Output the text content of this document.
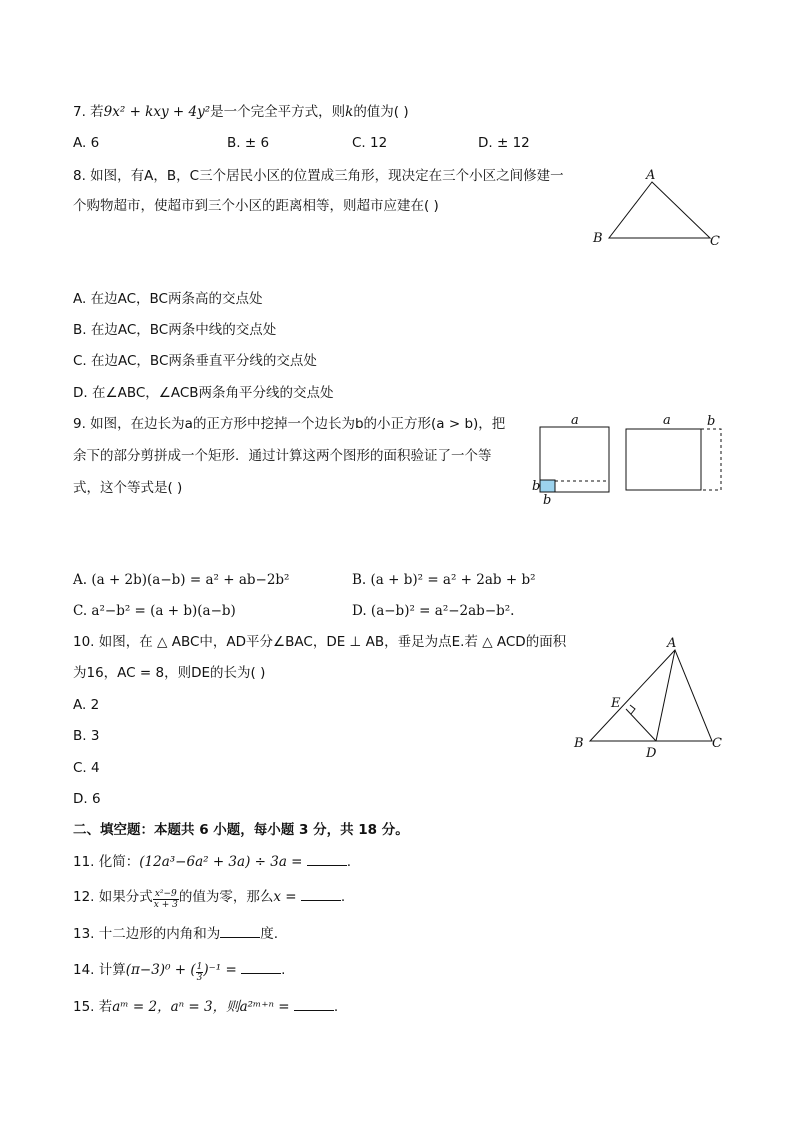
7. 若9x² + kxy + 4y²是一个完全平方式，则k的值为( )
A. 6	B. ± 6	C. 12	D. ± 12
8. 如图，有A，B，C三个居民小区的位置成三角形，现决定在三个小区之间修建一
个购物超市，使超市到三个小区的距离相等，则超市应建在( )
A
B	C
A. 在边AC，BC两条高的交点处
B. 在边AC，BC两条中线的交点处
C. 在边AC，BC两条垂直平分线的交点处
D. 在∠ABC，∠ACB两条角平分线的交点处
9. 如图，在边长为a的正方形中挖掉一个边长为b的小正方形(a > b)，把
余下的部分剪拼成一个矩形．通过计算这两个图形的面积验证了一个等
式，这个等式是( )
a
b
b
a	b
A. (a + 2b)(a−b) = a² + ab−2b²	B. (a + b)² = a² + 2ab + b²
C. a²−b² = (a + b)(a−b)	D. (a−b)² = a²−2ab−b².
10. 如图，在 △ ABC中，AD平分∠BAC，DE ⊥ AB，垂足为点E.若 △ ACD的面积
为16，AC = 8，则DE的长为( )
A. 2
B. 3
C. 4
D. 6
A
B	C
D
E
二、填空题：本题共 6 小题，每小题 3 分，共 18 分。
11. 化简：(12a³−6a² + 3a) ÷ 3a =	.
12. 如果分式 $\frac{\text{x²−9}}{x + 3}$ 的值为零，那么x =	.
13. 十二边形的内角和为	度.
14. 计算(π−3)⁰ + ( $\frac{1}{3} )^{-1}$ =	.
15. 若aᵐ = 2，aⁿ = 3，则a²ᵐ⁺ⁿ =	.
